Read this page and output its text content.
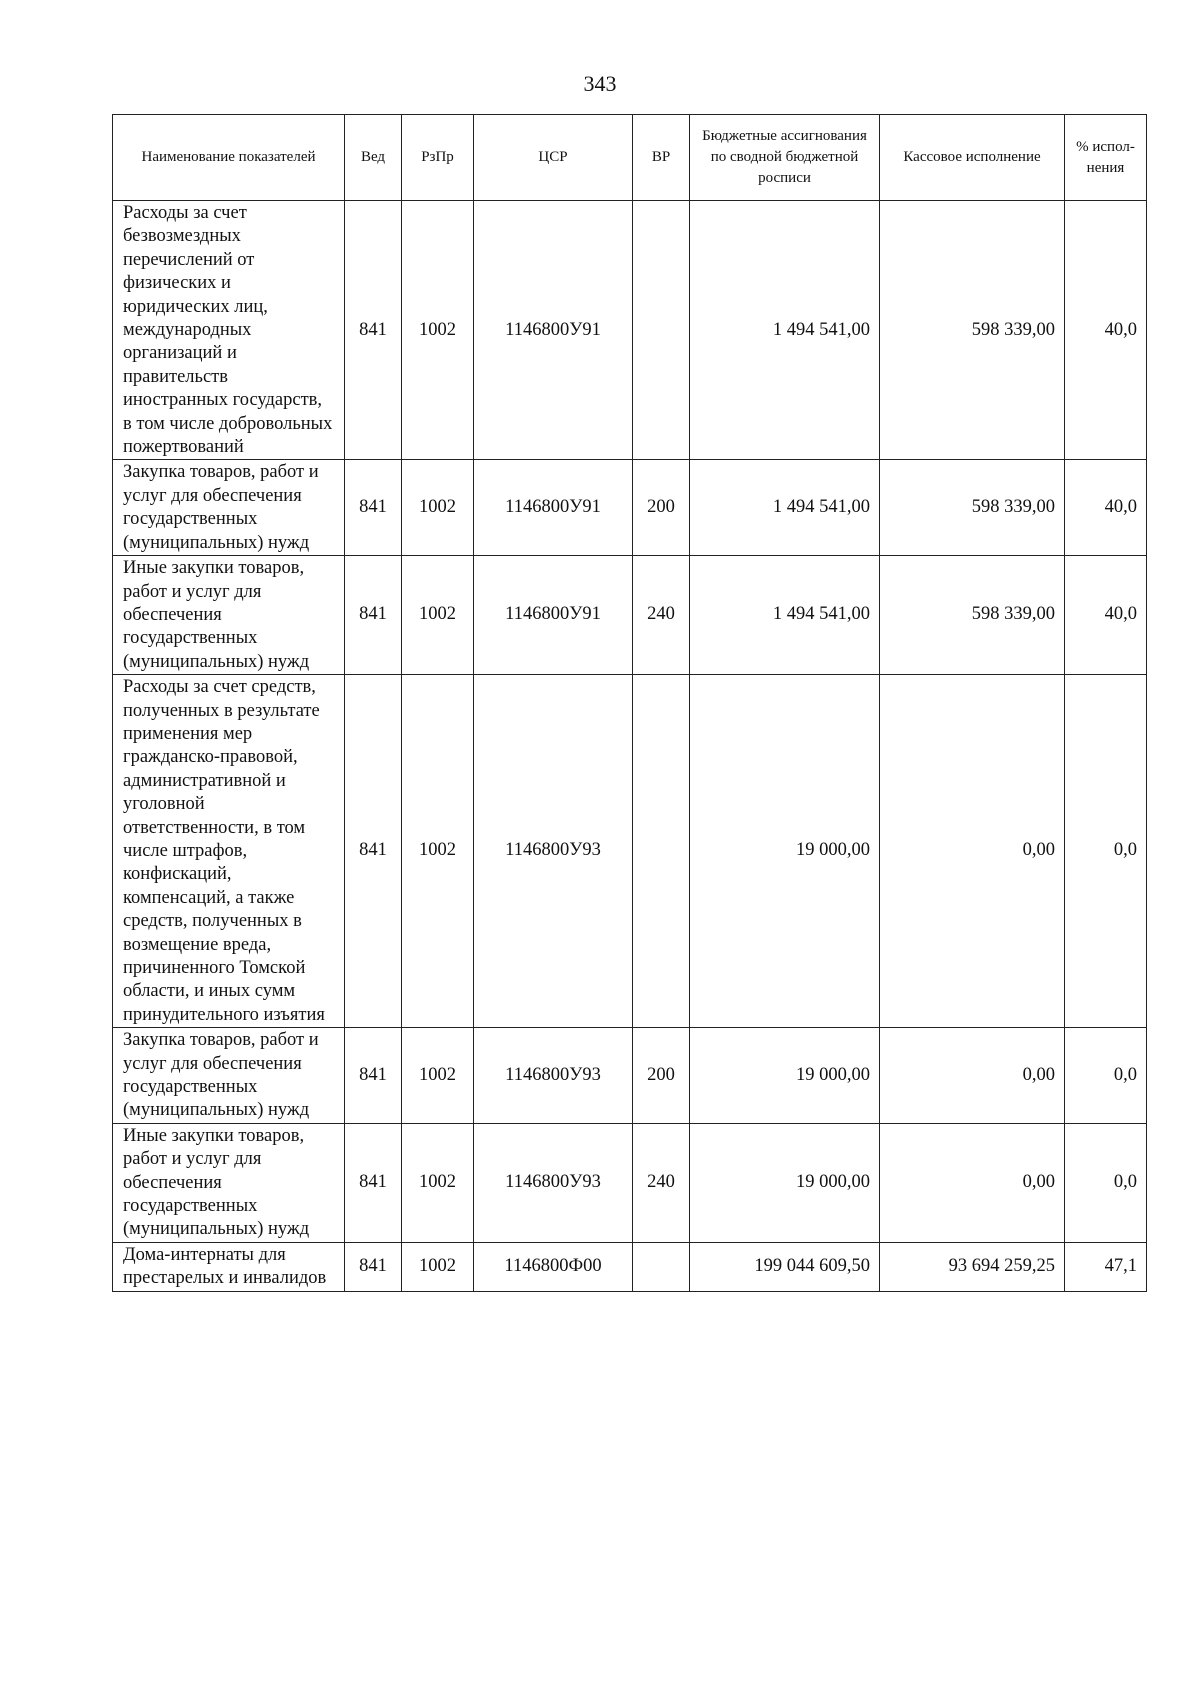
343
Наименование показателей	Вед	РзПр	ЦСР	ВР	Бюджетные ассигнования по сводной бюджетной росписи	Кассовое исполнение	% испол-нения
Расходы за счет безвозмездных перечислений от физических и юридических лиц, международных организаций и правительств иностранных государств, в том числе добровольных пожертвований	841	1002	1146800У91		1 494 541,00	598 339,00	40,0
Закупка товаров, работ и услуг для обеспечения государственных (муниципальных) нужд	841	1002	1146800У91	200	1 494 541,00	598 339,00	40,0
Иные закупки товаров, работ и услуг для обеспечения государственных (муниципальных) нужд	841	1002	1146800У91	240	1 494 541,00	598 339,00	40,0
Расходы за счет средств, полученных в результате применения мер гражданско-правовой, административной и уголовной ответственности, в том числе штрафов, конфискаций, компенсаций, а также средств, полученных в возмещение вреда, причиненного Томской области, и иных сумм принудительного изъятия	841	1002	1146800У93		19 000,00	0,00	0,0
Закупка товаров, работ и услуг для обеспечения государственных (муниципальных) нужд	841	1002	1146800У93	200	19 000,00	0,00	0,0
Иные закупки товаров, работ и услуг для обеспечения государственных (муниципальных) нужд	841	1002	1146800У93	240	19 000,00	0,00	0,0
Дома-интернаты для престарелых и инвалидов	841	1002	1146800Ф00		199 044 609,50	93 694 259,25	47,1
